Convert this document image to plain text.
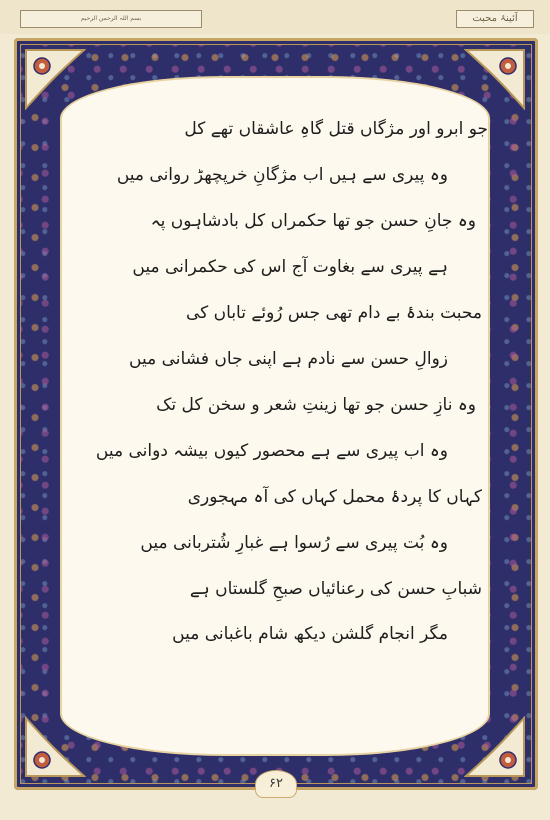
بسم اللہ الرحمن الرحیم	آئینۂ محبت
جو ابرو اور مژگاں قتل گاہِ عاشقاں تھے کل
وہ پیری سے ہیں اب مژگانِ خرپچھڑ روانی میں
وہ جانِ حسن جو تھا حکمراں کل بادشاہوں پہ
ہے پیری سے بغاوت آج اس کی حکمرانی میں
محبت بندۂ بے دام تھی جس رُوئے تاباں کی
زوالِ حسن سے نادم ہے اپنی جاں فشانی میں
وہ نازِ حسن جو تھا زینتِ شعر و سخن کل تک
وہ اب پیری سے ہے محصور کیوں بیشہ دوانی میں
کہاں کا پردۂ محمل کہاں کی آہ مہجوری
وہ بُت پیری سے رُسوا ہے غبارِ شُتربانی میں
شبابِ حسن کی رعنائیاں صبحِ گلستاں ہے
مگر انجام گلشن دیکھ شام باغبانی میں
۶۲
